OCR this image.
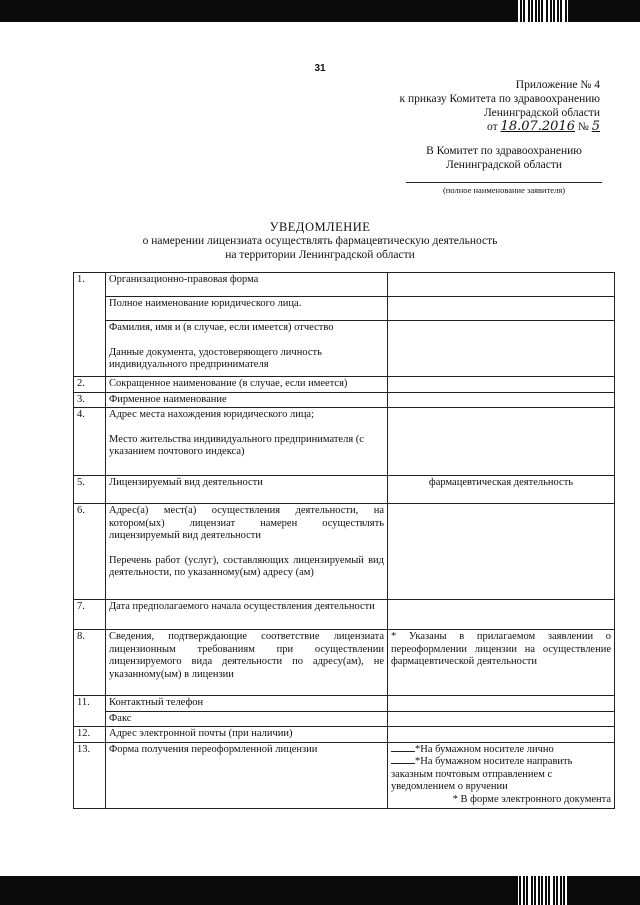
31
Приложение № 4
к приказу Комитета по здравоохранению
Ленинградской области
от 18.07.2016 № 5
В Комитет по здравоохранению
Ленинградской области
(полное наименование заявителя)
УВЕДОМЛЕНИЕ
о намерении лицензиата осуществлять фармацевтическую деятельность
на территории Ленинградской области
1.	Организационно-правовая форма	
	Полное наименование юридического лица.	

	Фамилия, имя и (в случае, если имеется) отчество
Данные документа, удостоверяющего личность индивидуального предпринимателя	

2.	Сокращенное наименование (в случае, если имеется)	
3.	Фирменное наименование	
4.	Адрес места нахождения юридического лица;
Место жительства индивидуального предпринимателя (с указанием почтового индекса)	

5.	Лицензируемый вид деятельности	фармацевтическая деятельность
6.	Адрес(а) мест(а) осуществления деятельности, на котором(ых) лицензиат намерен осуществлять лицензируемый вид деятельности
Перечень работ (услуг), составляющих лицензируемый вид деятельности, по указанному(ым) адресу (ам)	

7.	Дата предполагаемого начала осуществления деятельности	
8.	Сведения, подтверждающие соответствие лицензиата лицензионным требованиям при осуществлении лицензируемого вида деятельности по адресу(ам), не указанному(ым) в лицензии	* Указаны в прилагаемом заявлении о переоформлении лицензии на осуществление фармацевтической деятельности
11.	Контактный телефон	
	Факс	
12.	Адрес электронной почты (при наличии)	
13.	Форма получения переоформленной лицензии	*На бумажном носителе лично
*На бумажном носителе направить заказным почтовым отправлением с уведомлением о вручении
* В форме электронного документа
